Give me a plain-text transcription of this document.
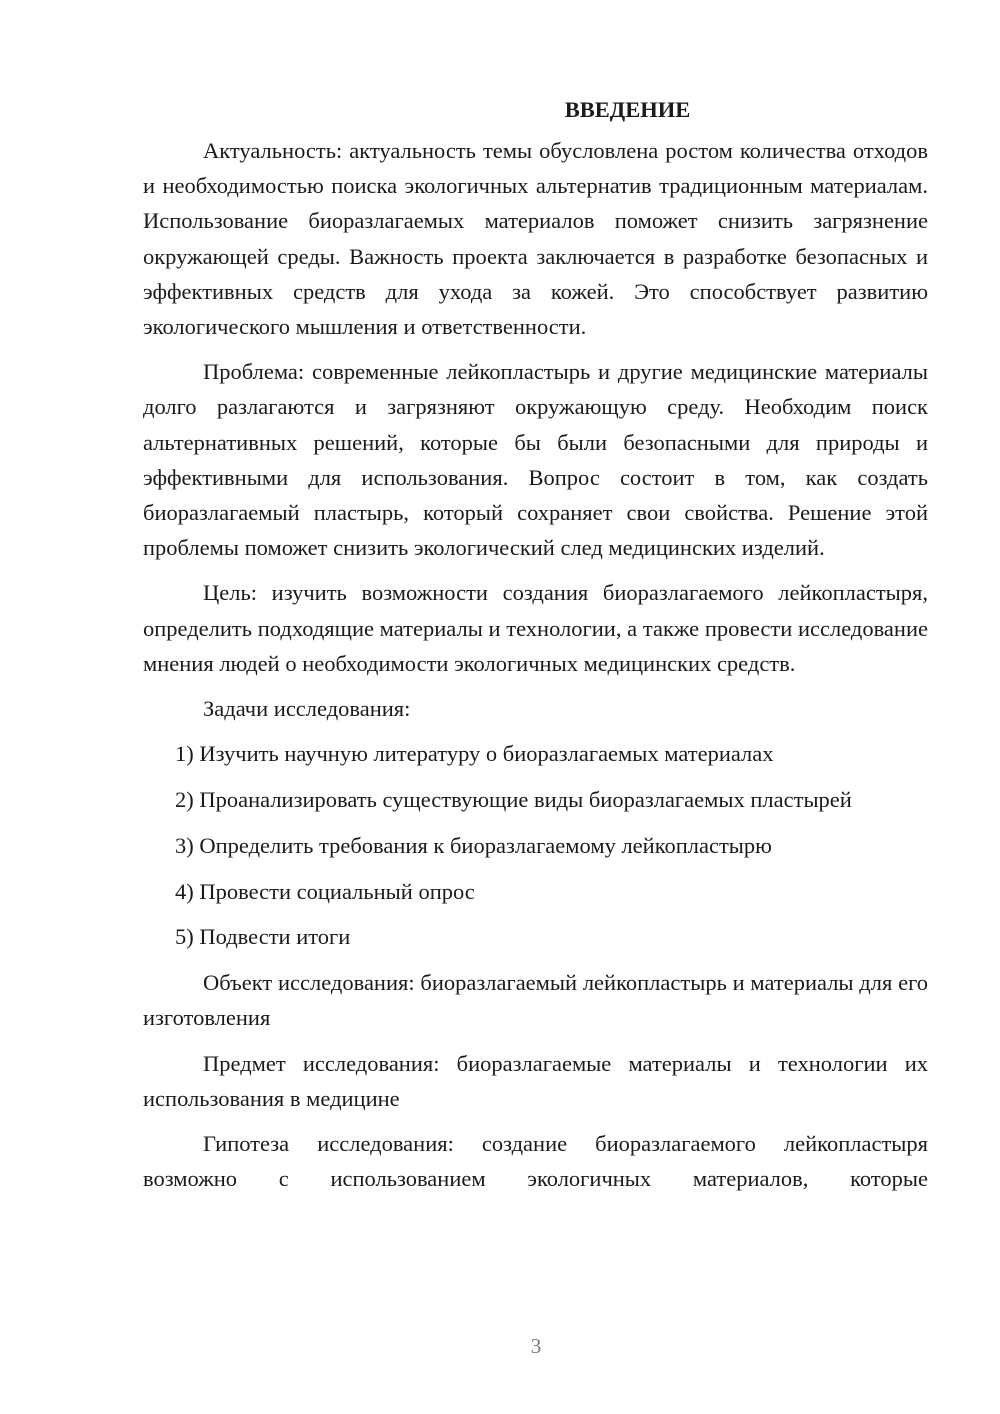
ВВЕДЕНИЕ

Актуальность: актуальность темы обусловлена ростом количества отходов и необходимостью поиска экологичных альтернатив традиционным материалам. Использование биоразлагаемых материалов поможет снизить загрязнение окружающей среды. Важность проекта заключается в разработке безопасных и эффективных средств для ухода за кожей. Это способствует развитию экологического мышления и ответственности.

Проблема: современные лейкопластырь и другие медицинские материалы долго разлагаются и загрязняют окружающую среду. Необходим поиск альтернативных решений, которые бы были безопасными для природы и эффективными для использования. Вопрос состоит в том, как создать биоразлагаемый пластырь, который сохраняет свои свойства. Решение этой проблемы поможет снизить экологический след медицинских изделий.

Цель: изучить возможности создания биоразлагаемого лейкопластыря, определить подходящие материалы и технологии, а также провести исследование мнения людей о необходимости экологичных медицинских средств.

Задачи исследования:
1) Изучить научную литературу о биоразлагаемых материалах
2) Проанализировать существующие виды биоразлагаемых пластырей
3) Определить требования к биоразлагаемому лейкопластырю
4) Провести социальный опрос
5) Подвести итоги

Объект исследования: биоразлагаемый лейкопластырь и материалы для его изготовления

Предмет исследования: биоразлагаемые материалы и технологии их использования в медицине

Гипотеза исследования: создание биоразлагаемого лейкопластыря возможно с использованием экологичных материалов, которые

3
